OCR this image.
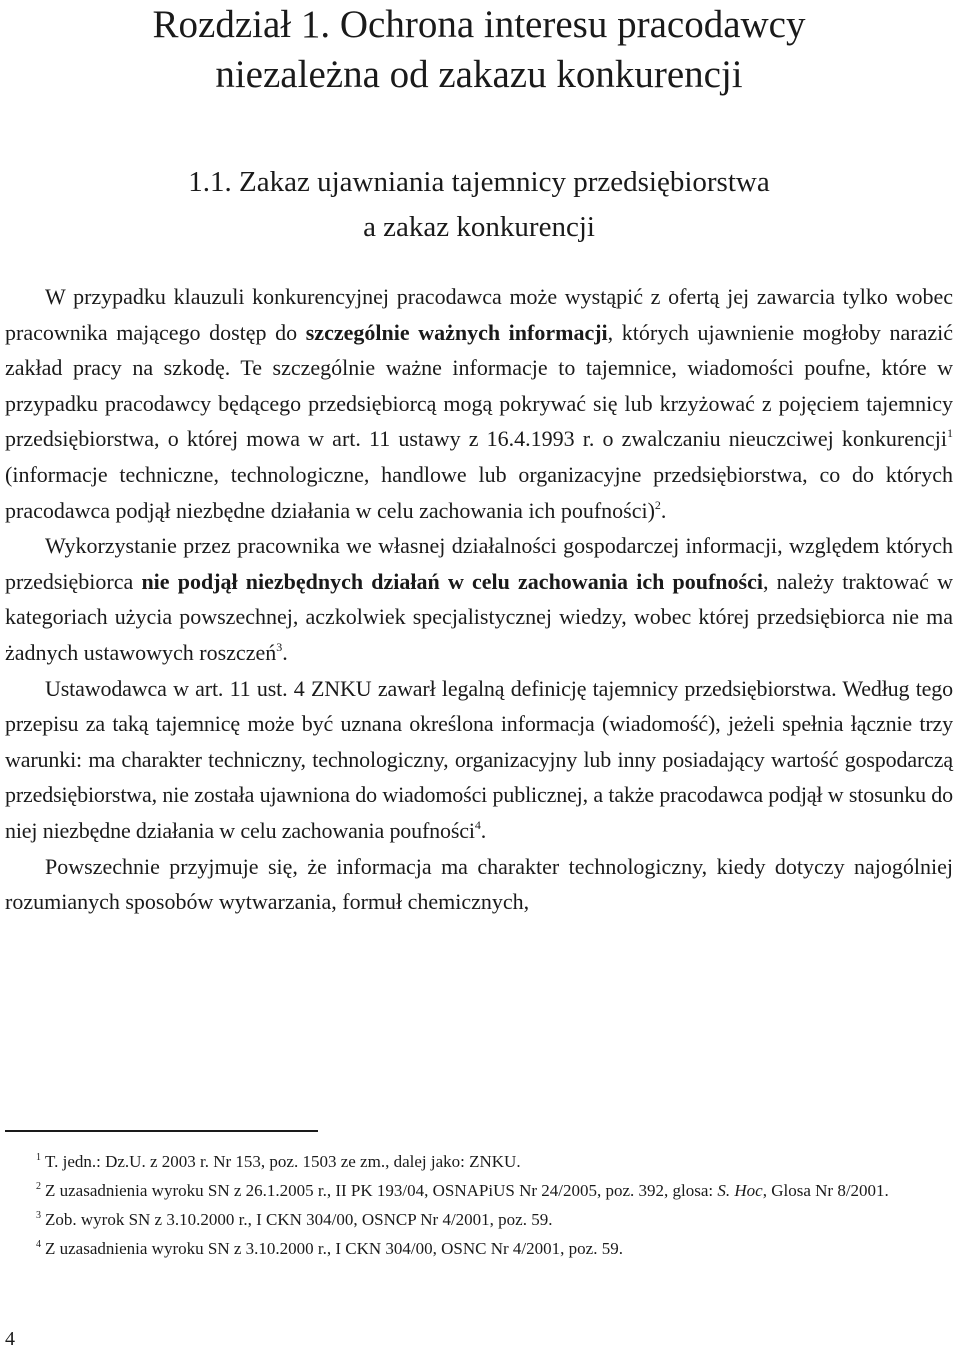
Rozdział 1. Ochrona interesu pracodawcy
niezależna od zakazu konkurencji
1.1. Zakaz ujawniania tajemnicy przedsiębiorstwa
a zakaz konkurencji

W przypadku klauzuli konkurencyjnej pracodawca może wystąpić z ofertą jej zawarcia tylko wobec pracownika mającego dostęp do szczególnie ważnych informacji, których ujawnienie mogłoby narazić zakład pracy na szkodę. Te szczególnie ważne informacje to tajemnice, wiadomości poufne, które w przypadku pracodawcy będącego przedsiębiorcą mogą pokrywać się lub krzyżować z pojęciem tajemnicy przedsiębiorstwa, o której mowa w art. 11 ustawy z 16.4.1993 r. o zwalczaniu nieuczciwej konkurencji$^1$ (informacje techniczne, technologiczne, handlowe lub organizacyjne przedsiębiorstwa, co do których pracodawca podjął niezbędne działania w celu zachowania ich poufności)$^2$.

Wykorzystanie przez pracownika we własnej działalności gospodarczej informacji, względem których przedsiębiorca nie podjął niezbędnych działań w celu zachowania ich poufności, należy traktować w kategoriach użycia powszechnej, aczkolwiek specjalistycznej wiedzy, wobec której przedsiębiorca nie ma żadnych ustawowych roszczeń$^3$.

Ustawodawca w art. 11 ust. 4 ZNKU zawarł legalną definicję tajemnicy przedsiębiorstwa. Według tego przepisu za taką tajemnicę może być uznana określona informacja (wiadomość), jeżeli spełnia łącznie trzy warunki: ma charakter techniczny, technologiczny, organizacyjny lub inny posiadający wartość gospodarczą przedsiębiorstwa, nie została ujawniona do wiadomości publicznej, a także pracodawca podjął w stosunku do niej niezbędne działania w celu zachowania poufności$^4$.

Powszechnie przyjmuje się, że informacja ma charakter technologiczny, kiedy dotyczy najogólniej rozumianych sposobów wytwarzania, formuł chemicznych,

$^1$ T. jedn.: Dz.U. z 2003 r. Nr 153, poz. 1503 ze zm., dalej jako: ZNKU.

$^2$ Z uzasadnienia wyroku SN z 26.1.2005 r., II PK 193/04, OSNAPiUS Nr 24/2005, poz. 392, glosa: S. Hoc, Glosa Nr 8/2001.

$^3$ Zob. wyrok SN z 3.10.2000 r., I CKN 304/00, OSNCP Nr 4/2001, poz. 59.

$^4$ Z uzasadnienia wyroku SN z 3.10.2000 r., I CKN 304/00, OSNC Nr 4/2001, poz. 59.

4
